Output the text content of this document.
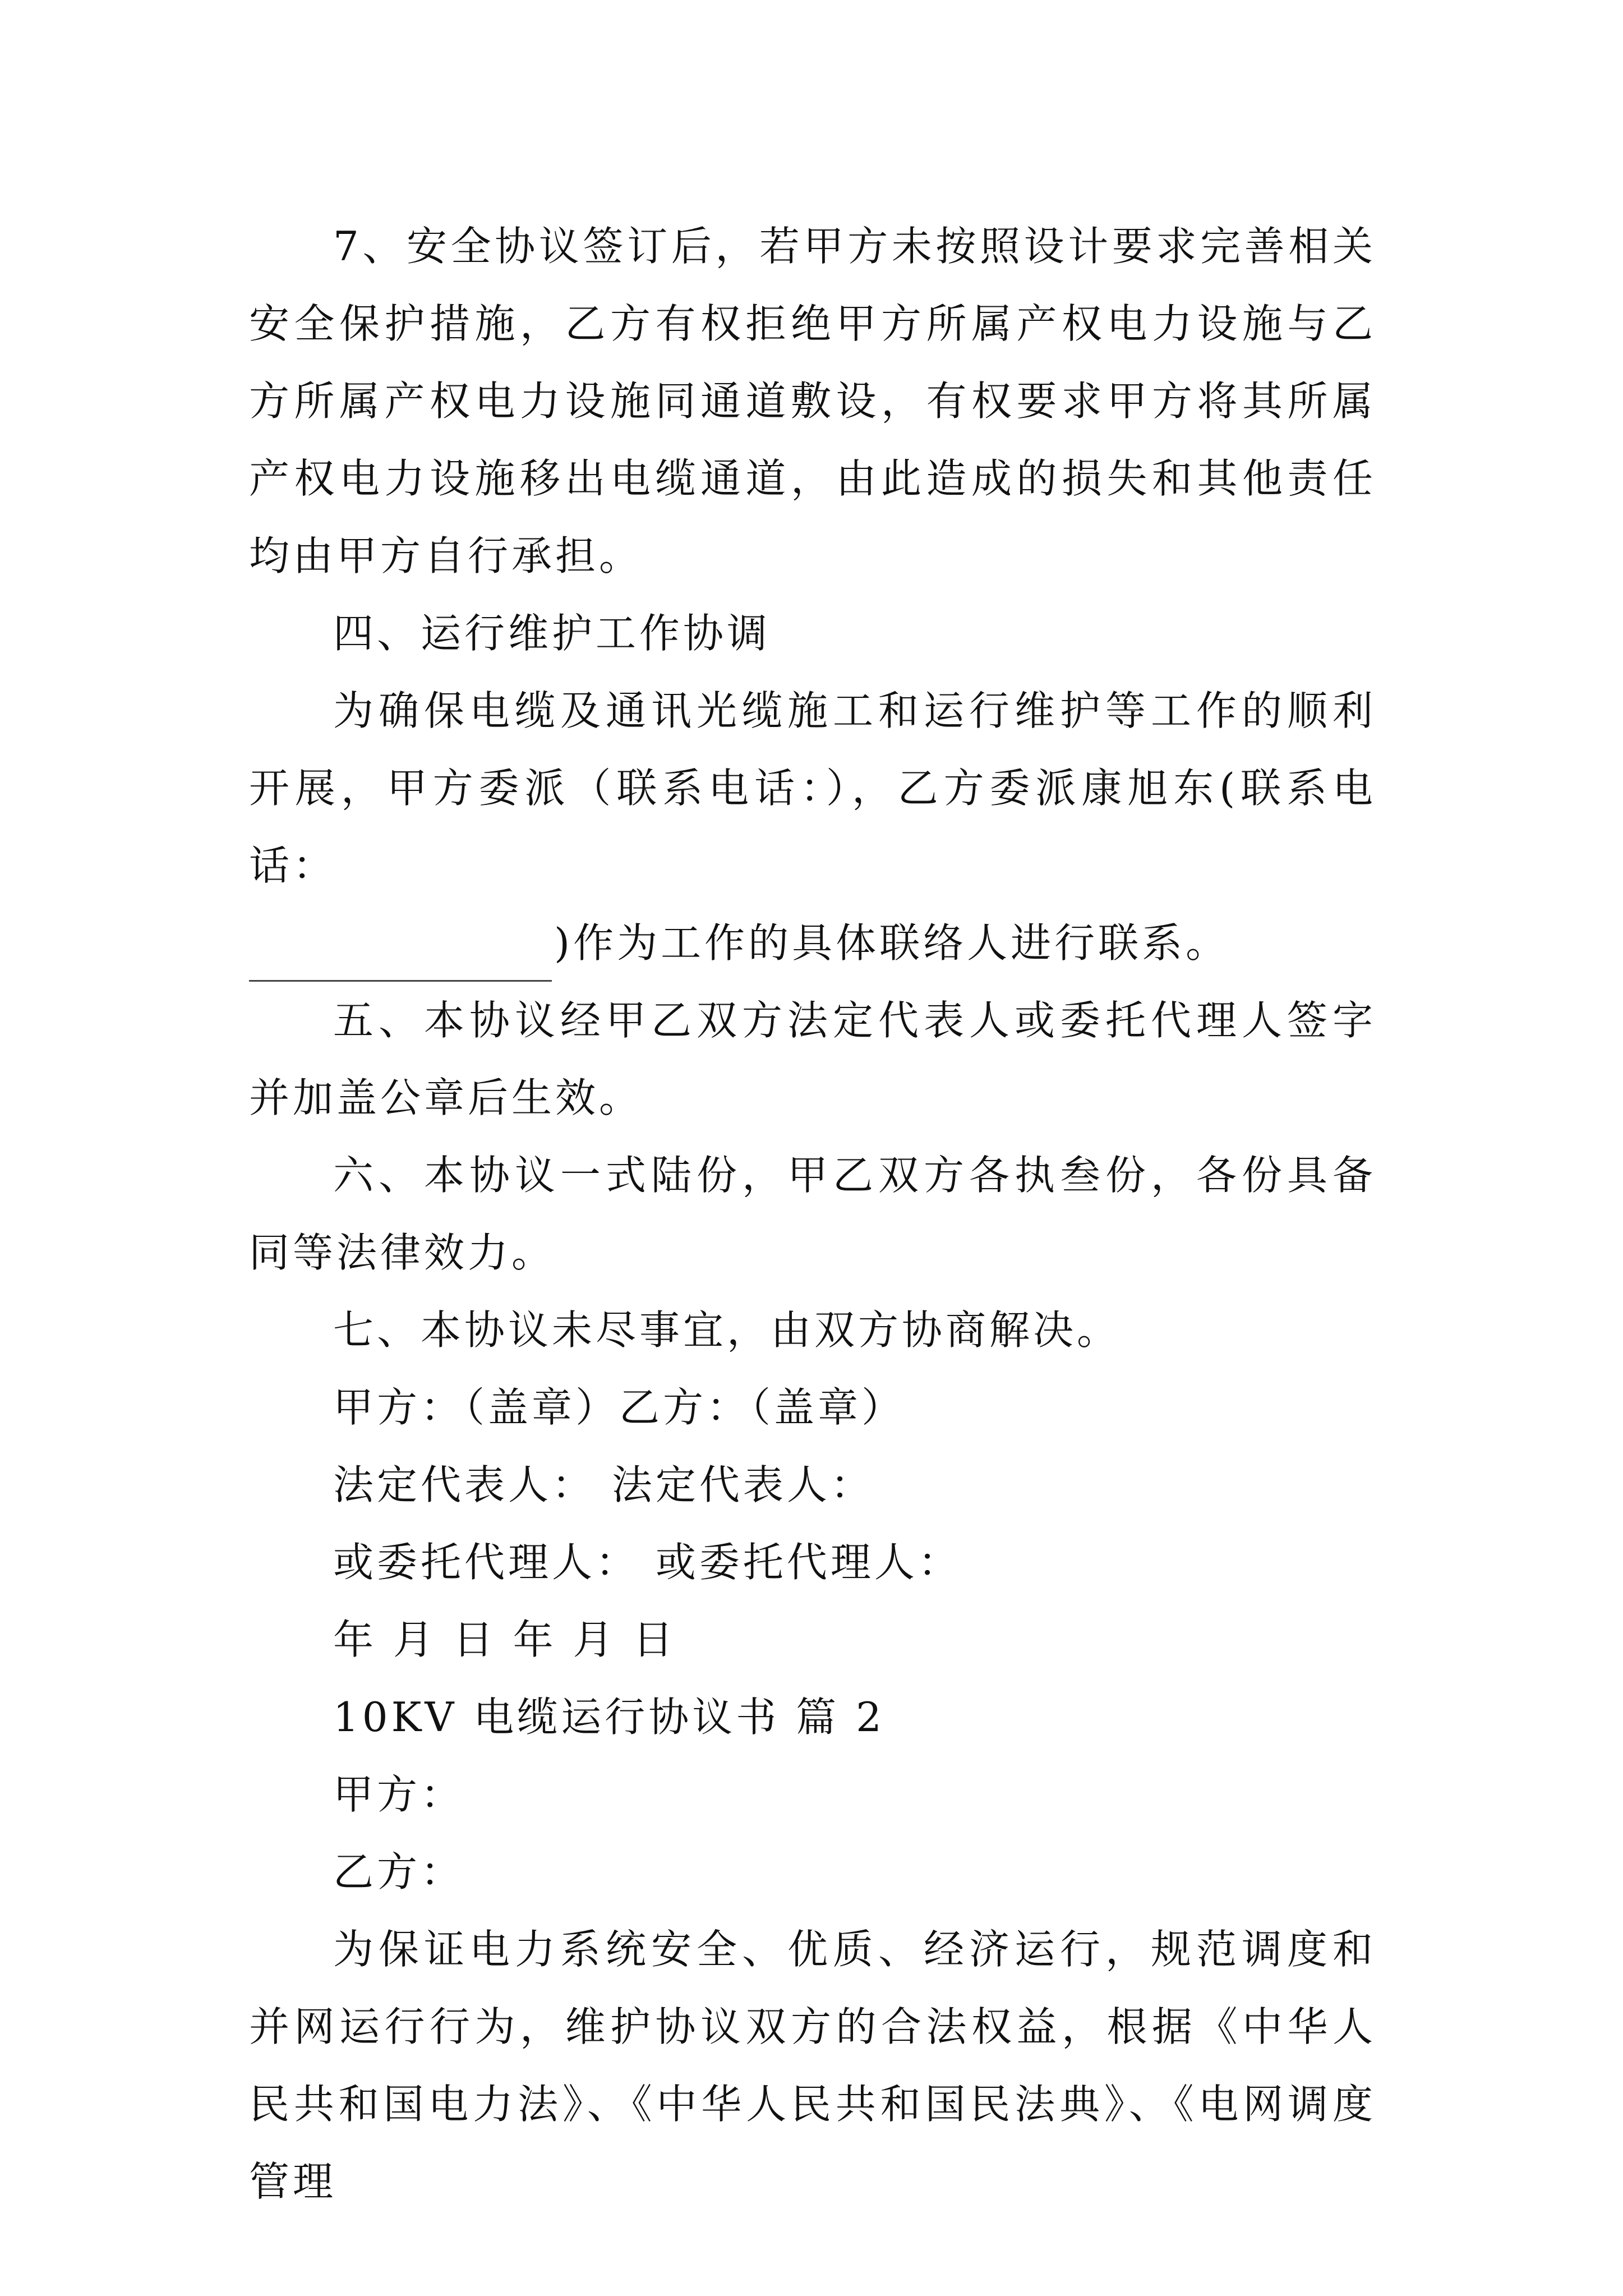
7、安全协议签订后，若甲方未按照设计要求完善相关安全保护措施，乙方有权拒绝甲方所属产权电力设施与乙方所属产权电力设施同通道敷设，有权要求甲方将其所属产权电力设施移出电缆通道，由此造成的损失和其他责任均由甲方自行承担。

四、运行维护工作协调

为确保电缆及通讯光缆施工和运行维护等工作的顺利开展，甲方委派（联系电话：），乙方委派康旭东(联系电话：

)作为工作的具体联络人进行联系。

五、本协议经甲乙双方法定代表人或委托代理人签字并加盖公章后生效。

六、本协议一式陆份，甲乙双方各执叁份，各份具备同等法律效力。

七、本协议未尽事宜，由双方协商解决。

甲方：（盖章）乙方：（盖章）

法定代表人： 法定代表人：

或委托代理人： 或委托代理人：

年 月 日 年 月 日

10KV 电缆运行协议书 篇 2

甲方：

乙方：

为保证电力系统安全、优质、经济运行，规范调度和并网运行行为，维护协议双方的合法权益，根据《中华人民共和国电力法》、《中华人民共和国民法典》、《电网调度管理
